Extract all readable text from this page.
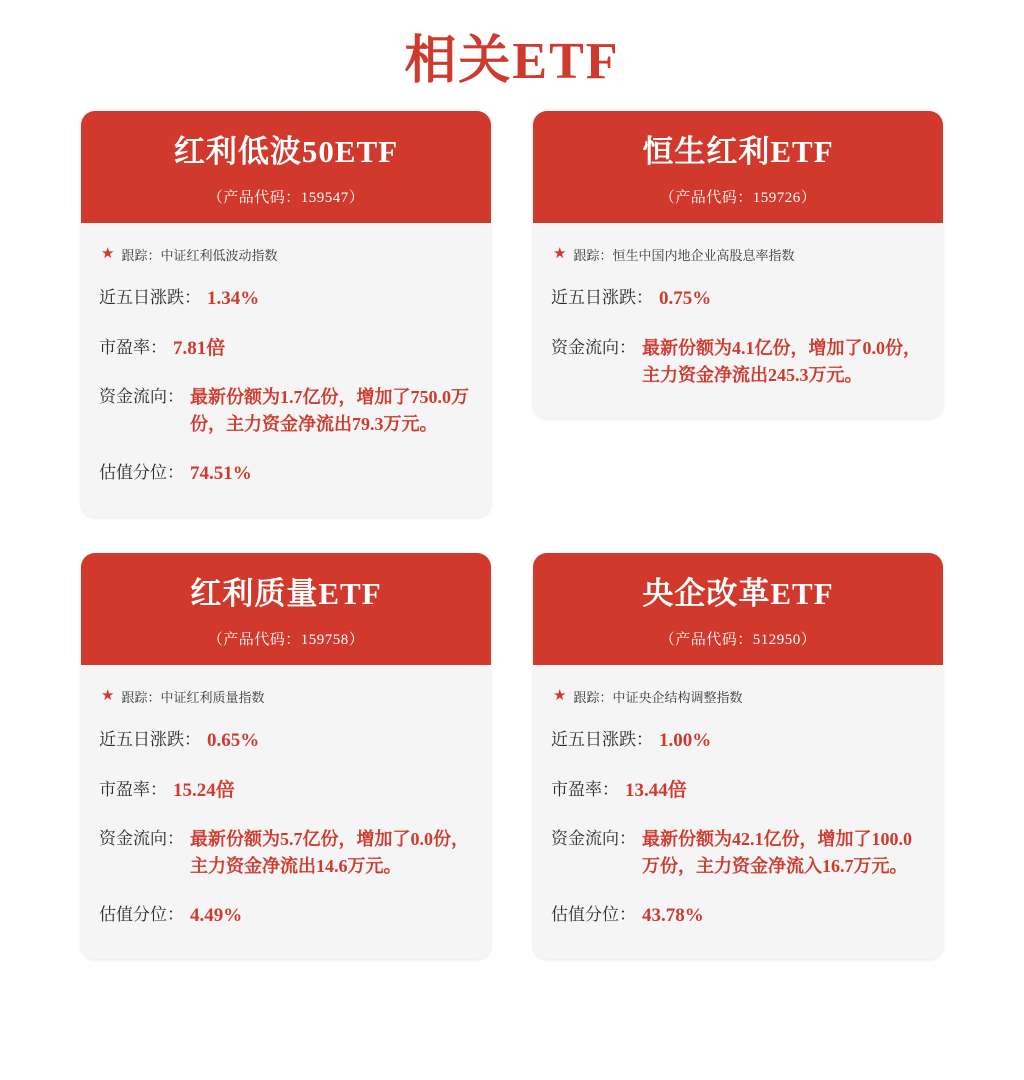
相关ETF
红利低波50ETF
（产品代码：159547）
★ 跟踪：中证红利低波动指数
近五日涨跌： 1.34%
市盈率： 7.81倍
资金流向： 最新份额为1.7亿份，增加了750.0万份，主力资金净流出79.3万元。
估值分位： 74.51%
恒生红利ETF
（产品代码：159726）
★ 跟踪：恒生中国内地企业高股息率指数
近五日涨跌： 0.75%
资金流向： 最新份额为4.1亿份，增加了0.0份，主力资金净流出245.3万元。
红利质量ETF
（产品代码：159758）
★ 跟踪：中证红利质量指数
近五日涨跌： 0.65%
市盈率： 15.24倍
资金流向： 最新份额为5.7亿份，增加了0.0份，主力资金净流出14.6万元。
估值分位： 4.49%
央企改革ETF
（产品代码：512950）
★ 跟踪：中证央企结构调整指数
近五日涨跌： 1.00%
市盈率： 13.44倍
资金流向： 最新份额为42.1亿份，增加了100.0万份，主力资金净流入16.7万元。
估值分位： 43.78%
